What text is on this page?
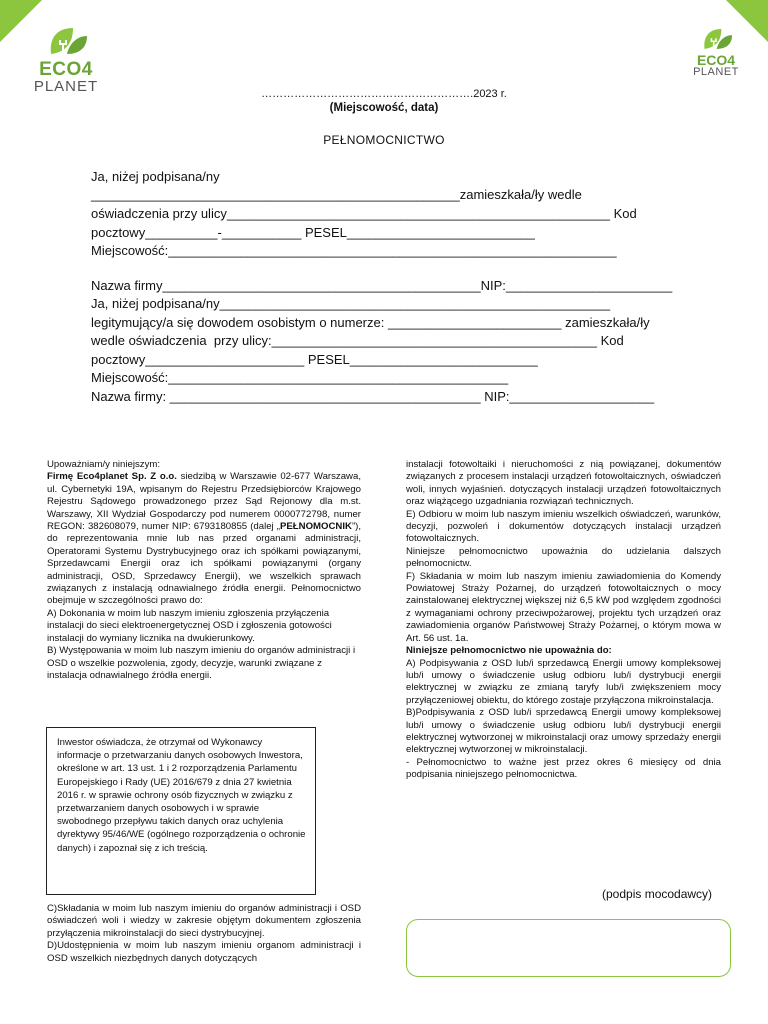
ECO4
PLANET
ECO4
PLANET
………………………………………………….2023 r.
(Miejscowość, data)
PEŁNOMOCNICTWO
Ja, niżej podpisana/ny
___________________________________________________zamieszkała/ły wedle
oświadczenia przy ulicy_____________________________________________________ Kod
pocztowy__________-___________ PESEL__________________________
Miejscowość:______________________________________________________________
Nazwa firmy____________________________________________NIP:_______________________
Ja, niżej podpisana/ny______________________________________________________
legitymujący/a się dowodem osobistym o numerze: ________________________ zamieszkała/ły
wedle oświadczenia  przy ulicy:_____________________________________________ Kod
pocztowy______________________ PESEL__________________________
Miejscowość:_______________________________________________
Nazwa firmy: ___________________________________________ NIP:____________________

Upoważniam/y niniejszym:

Firmę Eco4planet Sp. Z o.o. siedzibą w Warszawie 02-677 Warszawa, ul. Cybernetyki 19A, wpisanym do Rejestru Przedsiębiorców Krajowego Rejestru Sądowego prowadzonego przez Sąd Rejonowy dla m.st. Warszawy, XII Wydział Gospodarczy pod numerem 0000772798, numer REGON: 382608079, numer NIP: 6793180855 (dalej „PEŁNOMOCNIK”), do reprezentowania mnie lub nas przed organami administracji, Operatorami Systemu Dystrybucyjnego oraz ich spółkami powiązanymi, Sprzedawcami Energii oraz ich spółkami powiązanymi (organy administracji, OSD, Sprzedawcy Energii), we wszelkich sprawach związanych z instalacją odnawialnego źródła energii. Pełnomocnictwo obejmuje w szczególności prawo do:

A) Dokonania w moim lub naszym imieniu zgłoszenia przyłączenia instalacji do sieci elektroenergetycznej OSD i zgłoszenia gotowości instalacji do wymiany licznika na dwukierunkowy.

B) Występowania w moim lub naszym imieniu do organów administracji i OSD o wszelkie pozwolenia, zgody, decyzje, warunki związane z instalacja odnawialnego źródła energii.

Inwestor oświadcza, że otrzymał od Wykonawcy informacje o przetwarzaniu danych osobowych Inwestora, określone w art. 13 ust. 1 i 2 rozporządzenia Parlamentu Europejskiego i Rady (UE) 2016/679 z dnia 27 kwietnia 2016 r. w sprawie ochrony osób fizycznych w związku z przetwarzaniem danych osobowych i w sprawie swobodnego przepływu takich danych oraz uchylenia dyrektywy 95/46/WE (ogólnego rozporządzenia o ochronie danych) i zapoznał się z ich treścią.

C)Składania w moim lub naszym imieniu do organów administracji i OSD oświadczeń woli i wiedzy w zakresie objętym dokumentem zgłoszenia przyłączenia mikroinstalacji do sieci dystrybucyjnej.

D)Udostępnienia w moim lub naszym imieniu organom administracji i OSD wszelkich niezbędnych danych dotyczących

instalacji fotowoltaiki i nieruchomości z nią powiązanej, dokumentów związanych z procesem instalacji urządzeń fotowoltaicznych, oświadczeń woli, innych wyjaśnień. dotyczących instalacji urządzeń fotowoltaicznych oraz wiążącego uzgadniania rozwiązań technicznych.

E) Odbioru w moim lub naszym imieniu wszelkich oświadczeń, warunków, decyzji, pozwoleń i dokumentów dotyczących instalacji urządzeń fotowoltaicznych.

Niniejsze pełnomocnictwo upoważnia do udzielania dalszych pełnomocnictw.

F) Składania w moim lub naszym imieniu zawiadomienia do Komendy Powiatowej Straży Pożarnej, do urządzeń fotowoltaicznych o mocy zainstalowanej elektrycznej większej niż 6,5 kW pod względem zgodności z wymaganiami ochrony przeciwpożarowej, projektu tych urządzeń oraz zawiadomienia organów Państwowej Straży Pożarnej, o którym mowa w Art. 56 ust. 1a.

Niniejsze pełnomocnictwo nie upoważnia do:

A) Podpisywania z OSD lub/i sprzedawcą Energii umowy kompleksowej lub/i umowy o świadczenie usług odbioru lub/i dystrybucji energii elektrycznej w związku ze zmianą taryfy lub/i zwiększeniem mocy przyłączeniowej obiektu, do którego zostaje przyłączona mikroinstalacja.

B)Podpisywania z OSD lub/i sprzedawcą Energii umowy kompleksowej lub/i umowy o świadczenie usług odbioru lub/i dystrybucji energii elektrycznej wytworzonej w mikroinstalacji oraz umowy sprzedaży energii elektrycznej wytworzonej w mikroinstalacji.

- Pełnomocnictwo to ważne jest przez okres 6 miesięcy od dnia podpisania niniejszego pełnomocnictwa.

(podpis mocodawcy)
